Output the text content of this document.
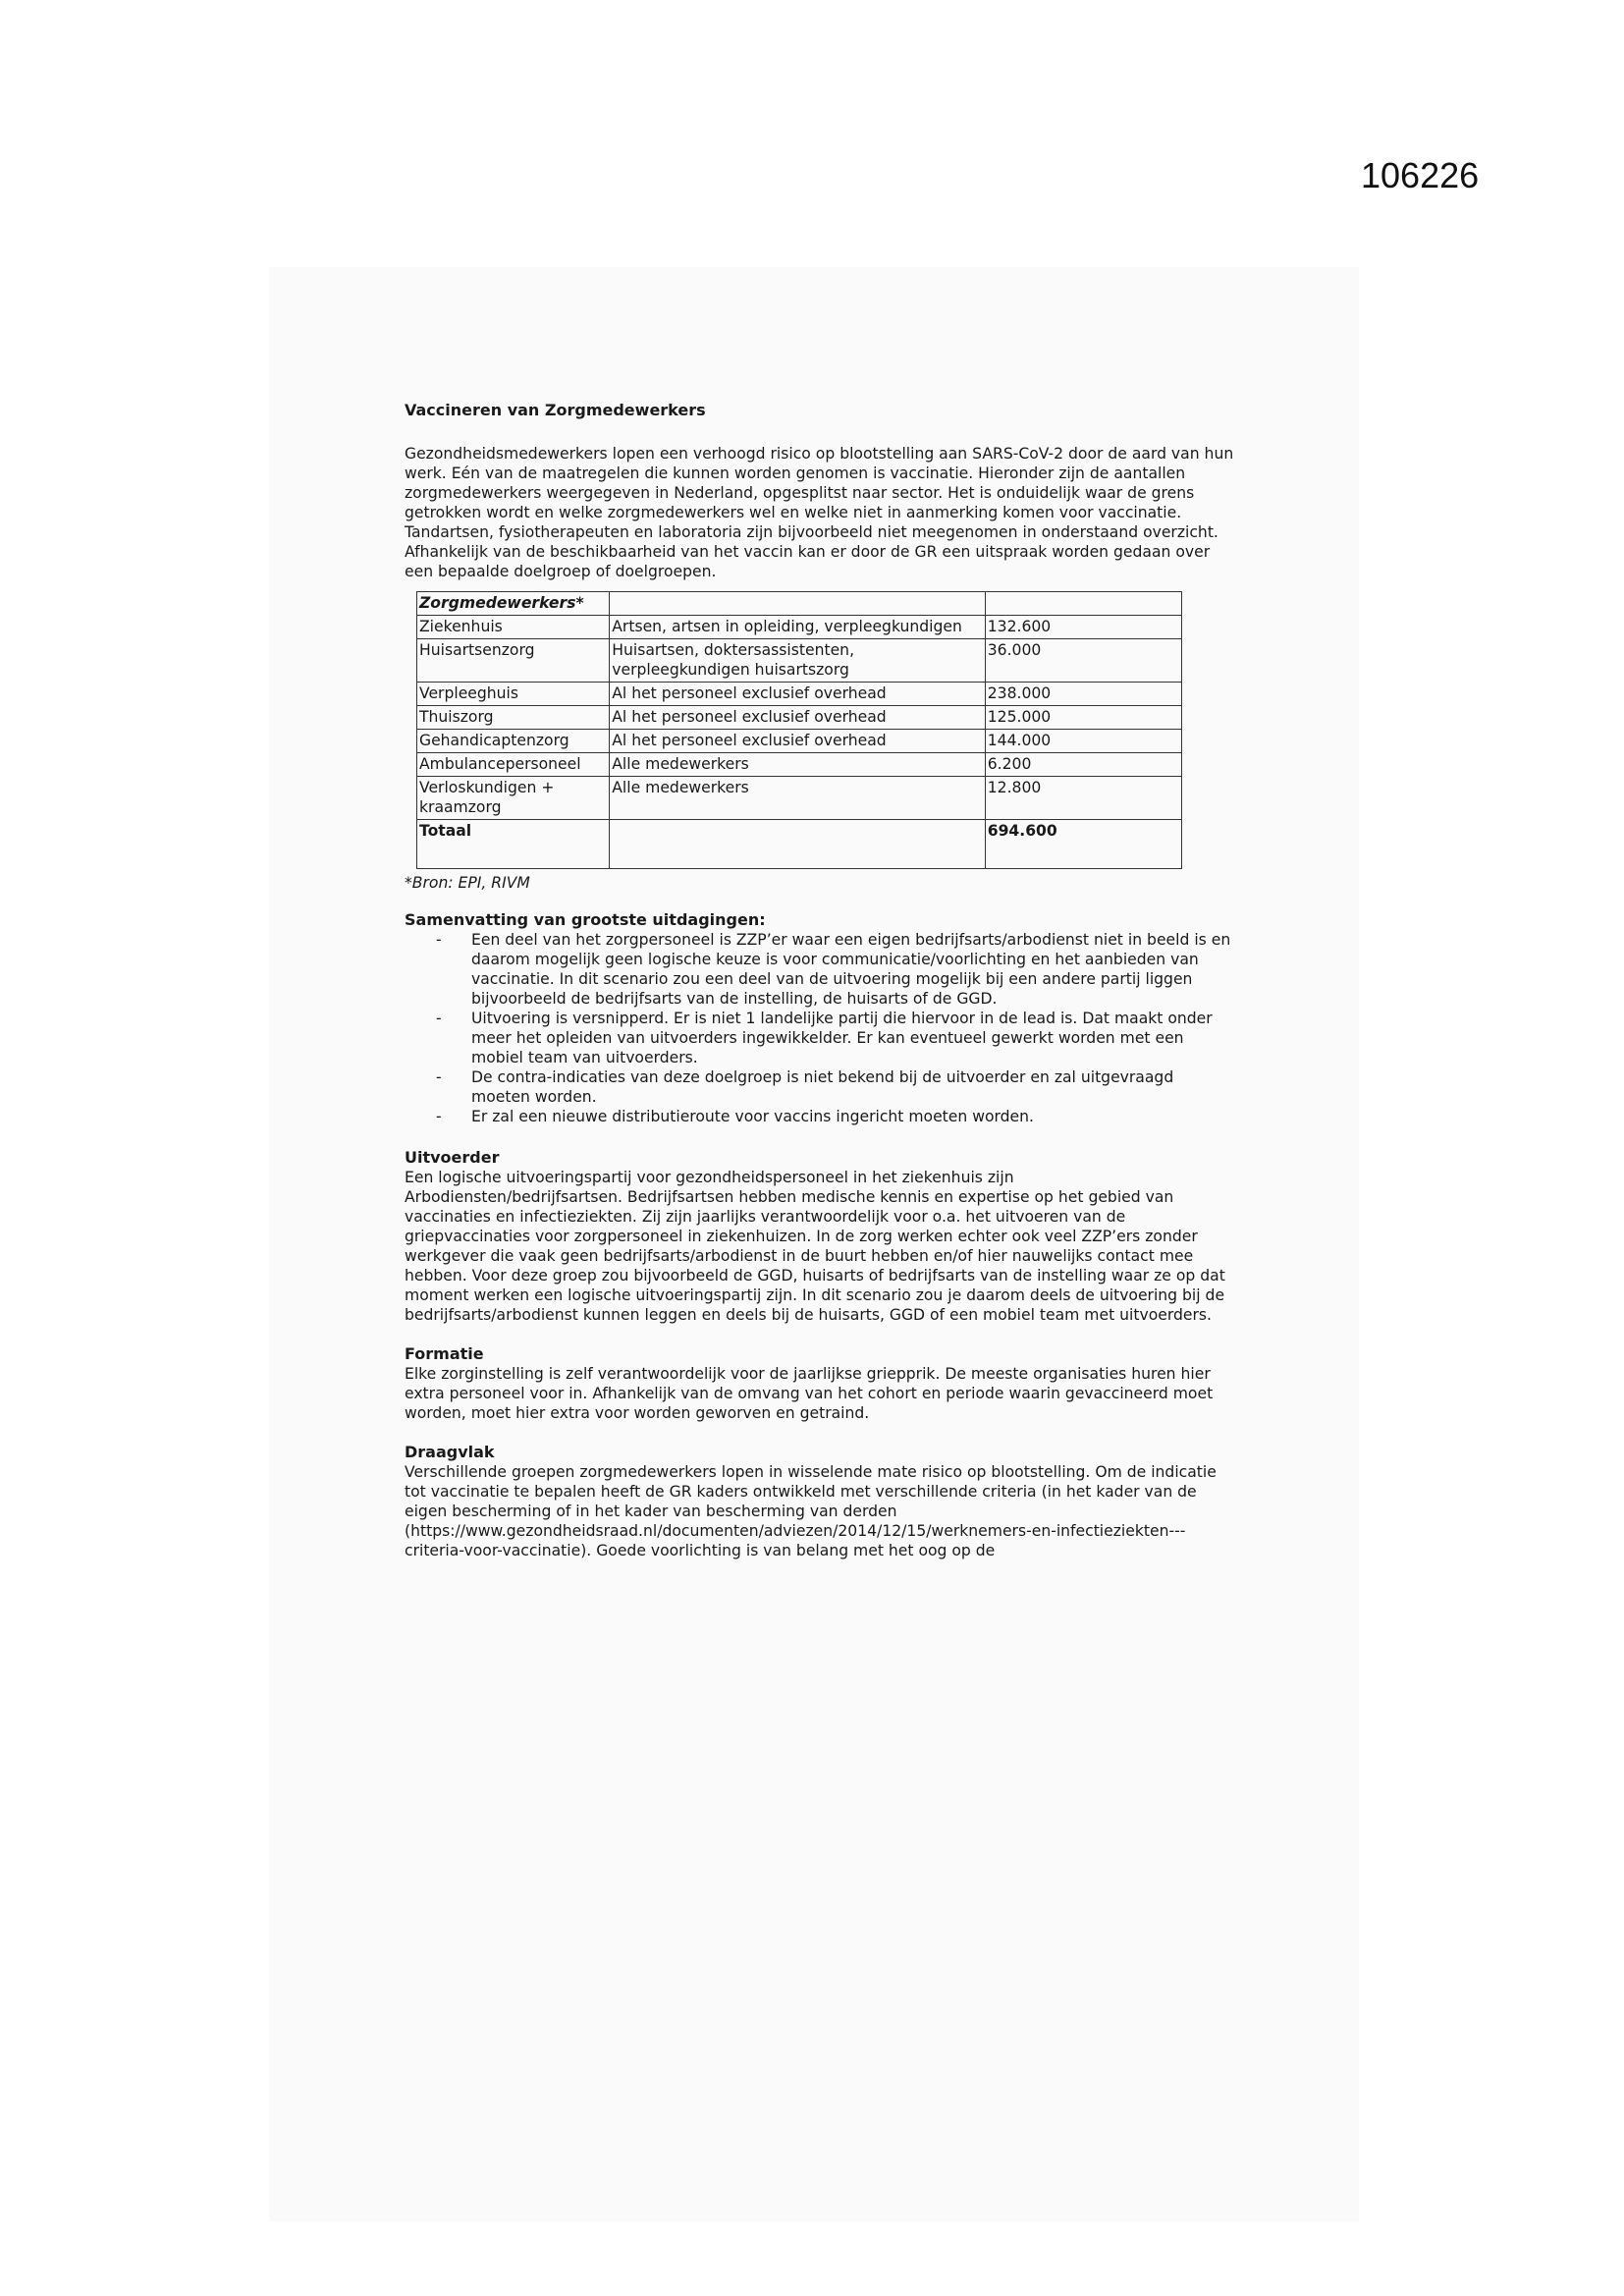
106226
Vaccineren van Zorgmedewerkers

Gezondheidsmedewerkers lopen een verhoogd risico op blootstelling aan SARS-CoV-2 door de aard van hun werk. Eén van de maatregelen die kunnen worden genomen is vaccinatie. Hieronder zijn de aantallen zorgmedewerkers weergegeven in Nederland, opgesplitst naar sector. Het is onduidelijk waar de grens getrokken wordt en welke zorgmedewerkers wel en welke niet in aanmerking komen voor vaccinatie. Tandartsen, fysiotherapeuten en laboratoria zijn bijvoorbeeld niet meegenomen in onderstaand overzicht. Afhankelijk van de beschikbaarheid van het vaccin kan er door de GR een uitspraak worden gedaan over een bepaalde doelgroep of doelgroepen.

Zorgmedewerkers*		
Ziekenhuis	Artsen, artsen in opleiding, verpleegkundigen	132.600
Huisartsenzorg	Huisartsen, doktersassistenten, verpleegkundigen huisartszorg	36.000
Verpleeghuis	Al het personeel exclusief overhead	238.000
Thuiszorg	Al het personeel exclusief overhead	125.000
Gehandicaptenzorg	Al het personeel exclusief overhead	144.000
Ambulancepersoneel	Alle medewerkers	6.200
Verloskundigen + kraamzorg	Alle medewerkers	12.800
Totaal		694.600

*Bron: EPI, RIVM

Samenvatting van grootste uitdagingen:
- Een deel van het zorgpersoneel is ZZP’er waar een eigen bedrijfsarts/arbodienst niet in beeld is en daarom mogelijk geen logische keuze is voor communicatie/voorlichting en het aanbieden van vaccinatie. In dit scenario zou een deel van de uitvoering mogelijk bij een andere partij liggen bijvoorbeeld de bedrijfsarts van de instelling, de huisarts of de GGD.
- Uitvoering is versnipperd. Er is niet 1 landelijke partij die hiervoor in de lead is. Dat maakt onder meer het opleiden van uitvoerders ingewikkelder. Er kan eventueel gewerkt worden met een mobiel team van uitvoerders.
- De contra-indicaties van deze doelgroep is niet bekend bij de uitvoerder en zal uitgevraagd moeten worden.
- Er zal een nieuwe distributieroute voor vaccins ingericht moeten worden.
Uitvoerder

Een logische uitvoeringspartij voor gezondheidspersoneel in het ziekenhuis zijn Arbodiensten/bedrijfsartsen. Bedrijfsartsen hebben medische kennis en expertise op het gebied van vaccinaties en infectieziekten. Zij zijn jaarlijks verantwoordelijk voor o.a. het uitvoeren van de griepvaccinaties voor zorgpersoneel in ziekenhuizen. In de zorg werken echter ook veel ZZP’ers zonder werkgever die vaak geen bedrijfsarts/arbodienst in de buurt hebben en/of hier nauwelijks contact mee hebben. Voor deze groep zou bijvoorbeeld de GGD, huisarts of bedrijfsarts van de instelling waar ze op dat moment werken een logische uitvoeringspartij zijn. In dit scenario zou je daarom deels de uitvoering bij de bedrijfsarts/arbodienst kunnen leggen en deels bij de huisarts, GGD of een mobiel team met uitvoerders.

Formatie

Elke zorginstelling is zelf verantwoordelijk voor de jaarlijkse griepprik. De meeste organisaties huren hier extra personeel voor in. Afhankelijk van de omvang van het cohort en periode waarin gevaccineerd moet worden, moet hier extra voor worden geworven en getraind.

Draagvlak

Verschillende groepen zorgmedewerkers lopen in wisselende mate risico op blootstelling. Om de indicatie tot vaccinatie te bepalen heeft de GR kaders ontwikkeld met verschillende criteria (in het kader van de eigen bescherming of in het kader van bescherming van derden (https://www.gezondheidsraad.nl/documenten/adviezen/2014/12/15/werknemers-en-infectieziekten---criteria-voor-vaccinatie). Goede voorlichting is van belang met het oog op de
